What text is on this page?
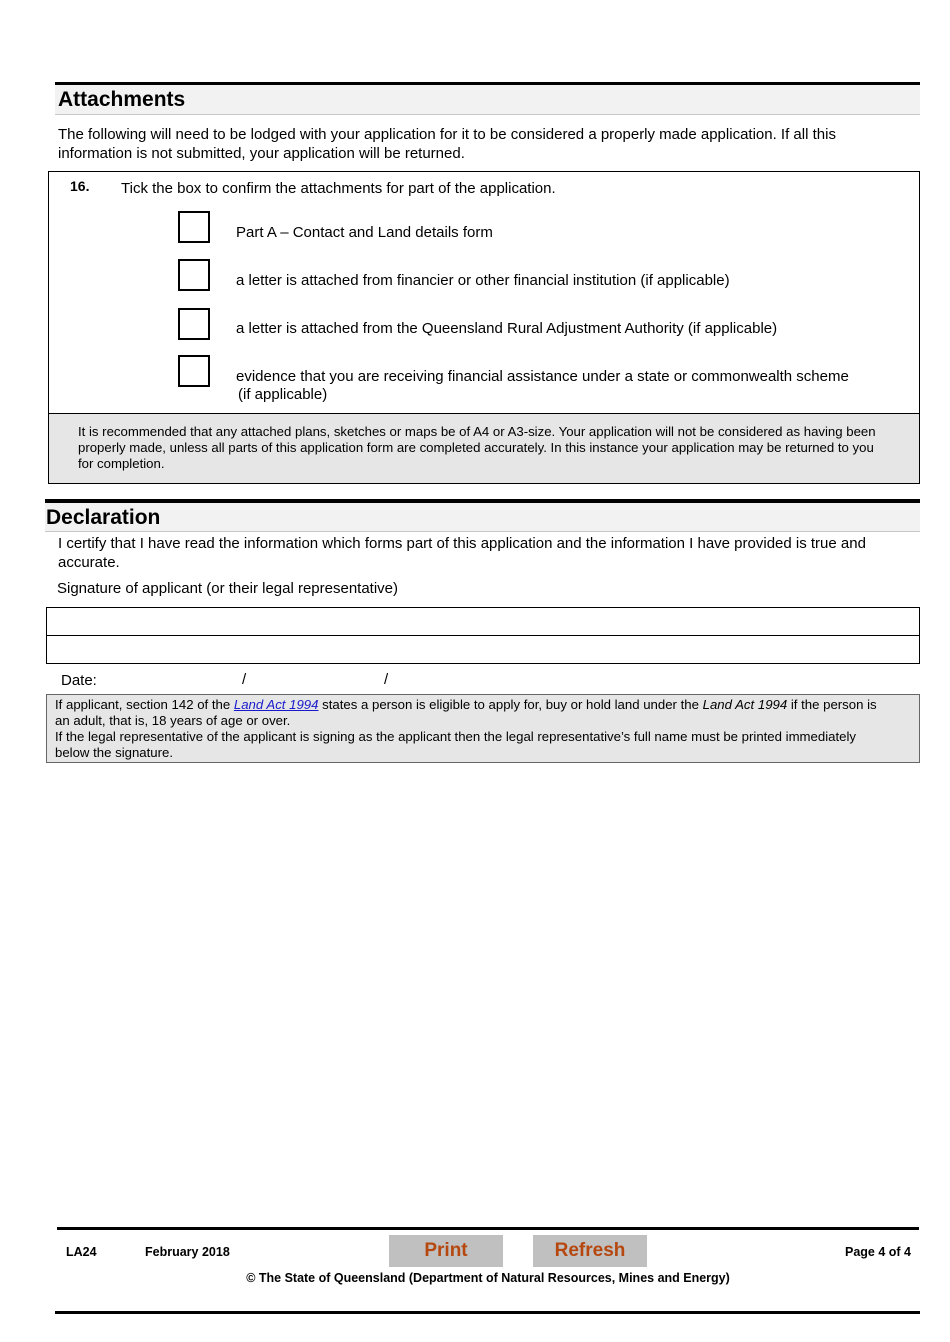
Attachments
The following will need to be lodged with your application for it to be considered a properly made application. If all this information is not submitted, your application will be returned.
16. Tick the box to confirm the attachments for part of the application.
Part A – Contact and Land details form
a letter is attached from financier or other financial institution (if applicable)
a letter is attached from the Queensland Rural Adjustment Authority (if applicable)
evidence that you are receiving financial assistance under a state or commonwealth scheme
(if applicable)
It is recommended that any attached plans, sketches or maps be of A4 or A3-size. Your application will not be considered as having been properly made, unless all parts of this application form are completed accurately. In this instance your application may be returned to you for completion.
Declaration
I certify that I have read the information which forms part of this application and the information I have provided is true and accurate.
Signature of applicant (or their legal representative)
Date:	/	/
If applicant, section 142 of the Land Act 1994 states a person is eligible to apply for, buy or hold land under the Land Act 1994 if the person is an adult, that is, 18 years of age or over.
If the legal representative of the applicant is signing as the applicant then the legal representative’s full name must be printed immediately below the signature.
LA24	February 2018	Print	Refresh	Page 4 of 4
© The State of Queensland (Department of Natural Resources, Mines and Energy)
